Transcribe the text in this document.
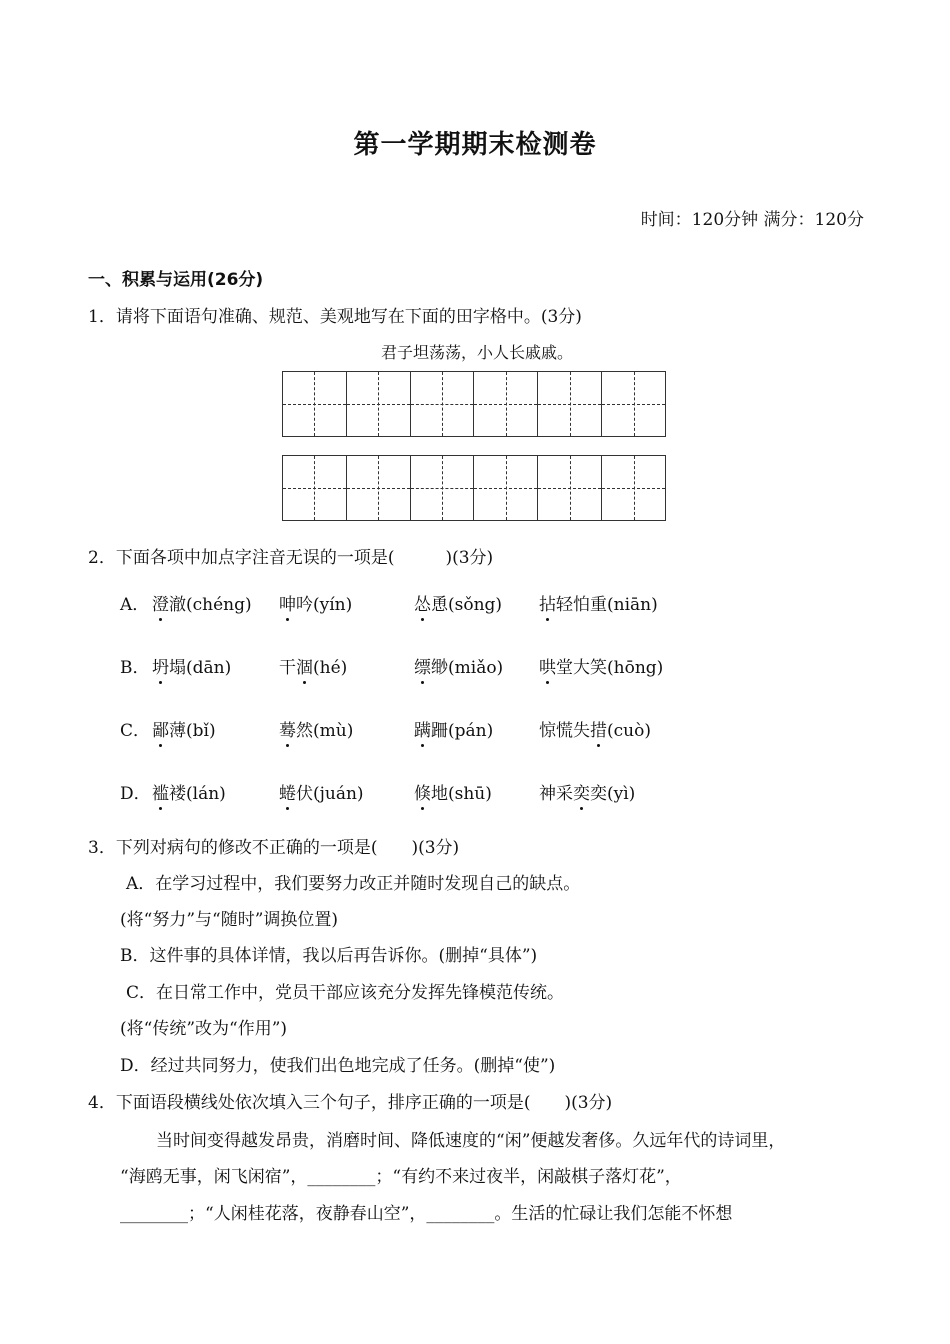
第一学期期末检测卷
时间：120分钟 满分：120分
一、积累与运用(26分)
1．请将下面语句准确、规范、美观地写在下面的田字格中。(3分)
君子坦荡荡，小人长戚戚。
2．下面各项中加点字注音无误的一项是(　　　)(3分)
A． 澄澈(chéng) 呻吟(yín)	怂恿(sǒng) 拈轻怕重(niān)
B． 坍塌(dān)	干涸(hé)	缥缈(miǎo) 哄堂大笑(hōng)
C． 鄙薄(bǐ)	蓦然(mù)	蹒跚(pán)	惊慌失措(cuò)
D． 褴褛(lán)	蜷伏(juán)	倏地(shū)	神采奕奕(yì)
3．下列对病句的修改不正确的一项是(　　)(3分)
A．在学习过程中，我们要努力改正并随时发现自己的缺点。
(将“努力”与“随时”调换位置)
B．这件事的具体详情，我以后再告诉你。(删掉“具体”)
C．在日常工作中，党员干部应该充分发挥先锋模范传统。
(将“传统”改为“作用”)
D．经过共同努力，使我们出色地完成了任务。(删掉“使”)
4．下面语段横线处依次填入三个句子，排序正确的一项是(　　)(3分)
当时间变得越发昂贵，消磨时间、降低速度的“闲”便越发奢侈。久远年代的诗词里，
“海鸥无事，闲飞闲宿”，________；“有约不来过夜半，闲敲棋子落灯花”，
________；“人闲桂花落，夜静春山空”，________。生活的忙碌让我们怎能不怀想
